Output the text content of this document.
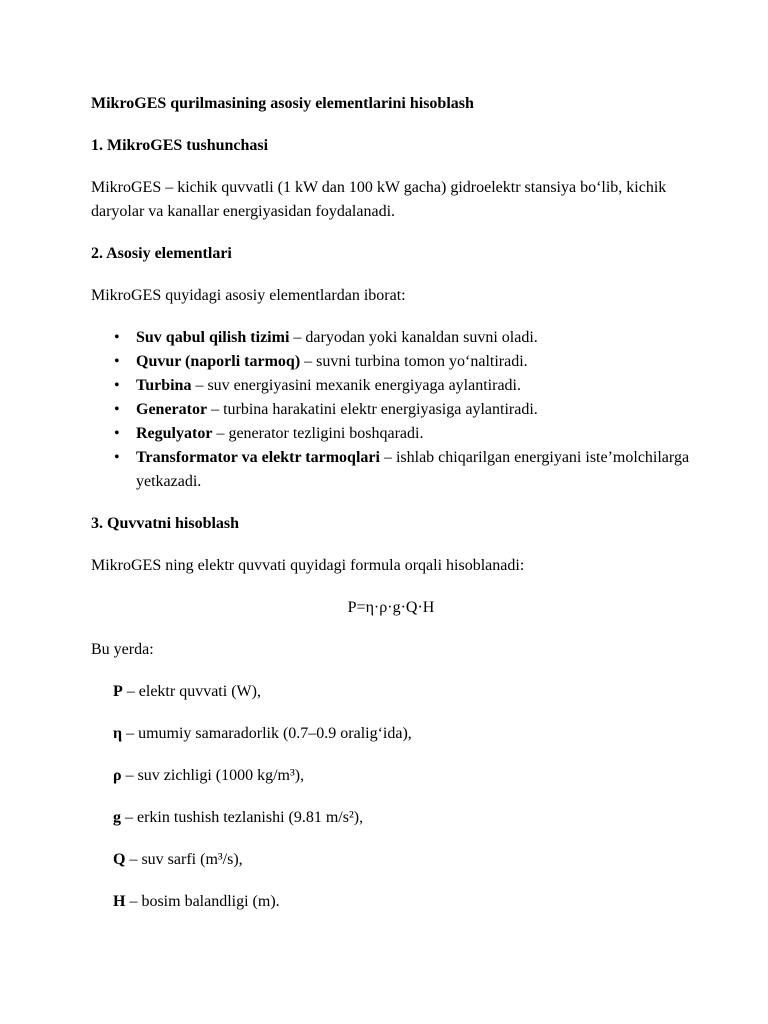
MikroGES qurilmasining asosiy elementlarini hisoblash

1. MikroGES tushunchasi

MikroGES – kichik quvvatli (1 kW dan 100 kW gacha) gidroelektr stansiya bo‘lib, kichik daryolar va kanallar energiyasidan foydalanadi.

2. Asosiy elementlari

MikroGES quyidagi asosiy elementlardan iborat:

• Suv qabul qilish tizimi – daryodan yoki kanaldan suvni oladi.
• Quvur (naporli tarmoq) – suvni turbina tomon yo‘naltiradi.
• Turbina – suv energiyasini mexanik energiyaga aylantiradi.
• Generator – turbina harakatini elektr energiyasiga aylantiradi.
• Regulyator – generator tezligini boshqaradi.
• Transformator va elektr tarmoqlari – ishlab chiqarilgan energiyani iste’molchilarga yetkazadi.

3. Quvvatni hisoblash

MikroGES ning elektr quvvati quyidagi formula orqali hisoblanadi:

P=η·ρ·g·Q·H

Bu yerda:

P – elektr quvvati (W),

η – umumiy samaradorlik (0.7–0.9 oralig‘ida),

ρ – suv zichligi (1000 kg/m³),

g – erkin tushish tezlanishi (9.81 m/s²),

Q – suv sarfi (m³/s),

H – bosim balandligi (m).
